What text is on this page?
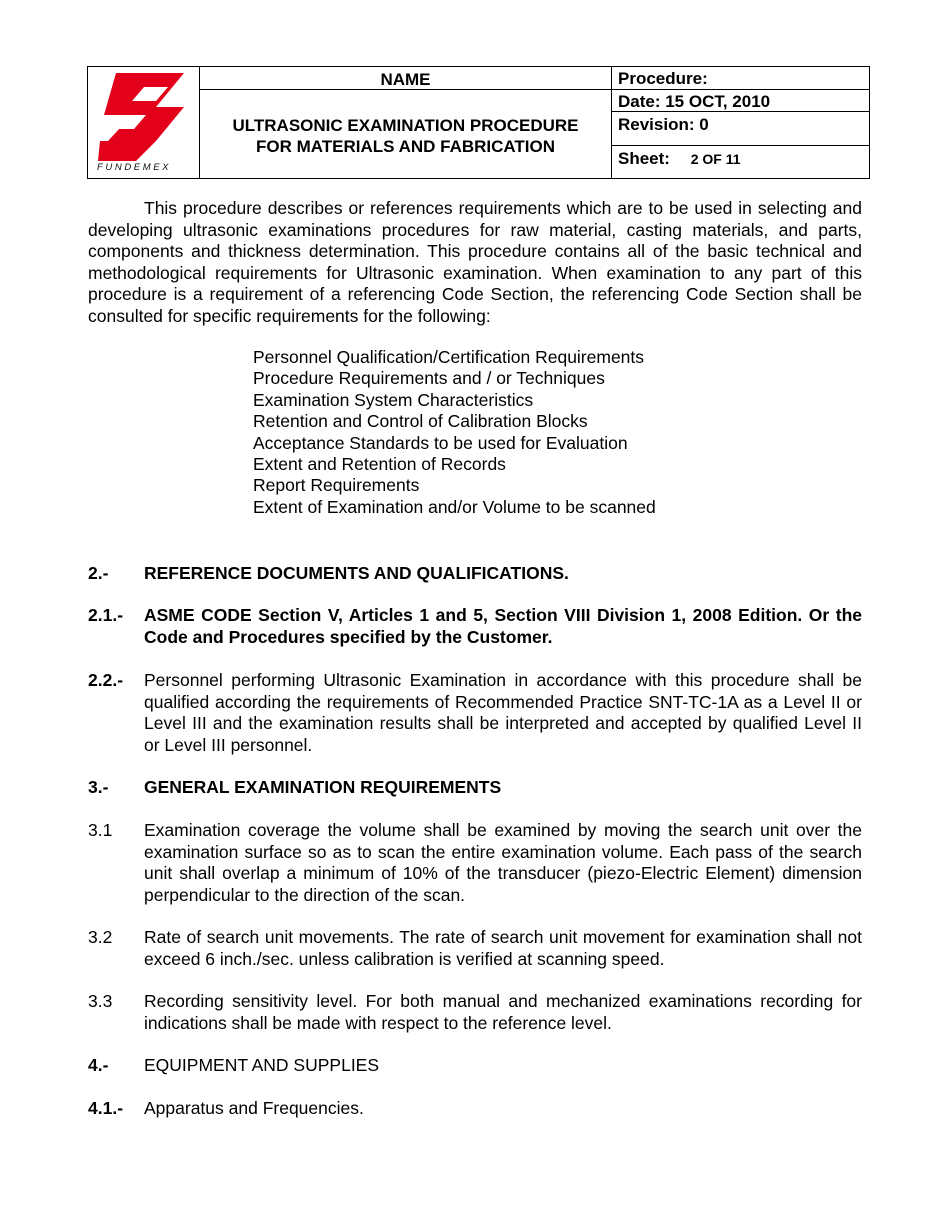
FUNDEMEX
NAME
ULTRASONIC EXAMINATION PROCEDURE
FOR MATERIALS AND FABRICATION
Procedure:
Date: 15 OCT, 2010
Revision: 0
Sheet: 2 OF 11
This procedure describes or references requirements which are to be used in selecting and developing ultrasonic examinations procedures for raw material, casting materials, and parts, components and thickness determination. This procedure contains all of the basic technical and methodological requirements for Ultrasonic examination. When examination to any part of this procedure is a requirement of a referencing Code Section, the referencing Code Section shall be consulted for specific requirements for the following:
Personnel Qualification/Certification Requirements
Procedure Requirements and / or Techniques
Examination System Characteristics
Retention and Control of Calibration Blocks
Acceptance Standards to be used for Evaluation
Extent and Retention of Records
Report Requirements
Extent of Examination and/or Volume to be scanned
2.- REFERENCE DOCUMENTS AND QUALIFICATIONS.
2.1.- ASME CODE Section V, Articles 1 and 5, Section VIII Division 1, 2008 Edition. Or the Code and Procedures specified by the Customer.
2.2.- Personnel performing Ultrasonic Examination in accordance with this procedure shall be qualified according the requirements of Recommended Practice SNT-TC-1A as a Level II or Level III and the examination results shall be interpreted and accepted by qualified Level II or Level III personnel.
3.- GENERAL EXAMINATION REQUIREMENTS
3.1 Examination coverage the volume shall be examined by moving the search unit over the examination surface so as to scan the entire examination volume. Each pass of the search unit shall overlap a minimum of 10% of the transducer (piezo-Electric Element) dimension perpendicular to the direction of the scan.
3.2 Rate of search unit movements. The rate of search unit movement for examination shall not exceed 6 inch./sec. unless calibration is verified at scanning speed.
3.3 Recording sensitivity level. For both manual and mechanized examinations recording for indications shall be made with respect to the reference level.
4.- EQUIPMENT AND SUPPLIES
4.1.- Apparatus and Frequencies.
